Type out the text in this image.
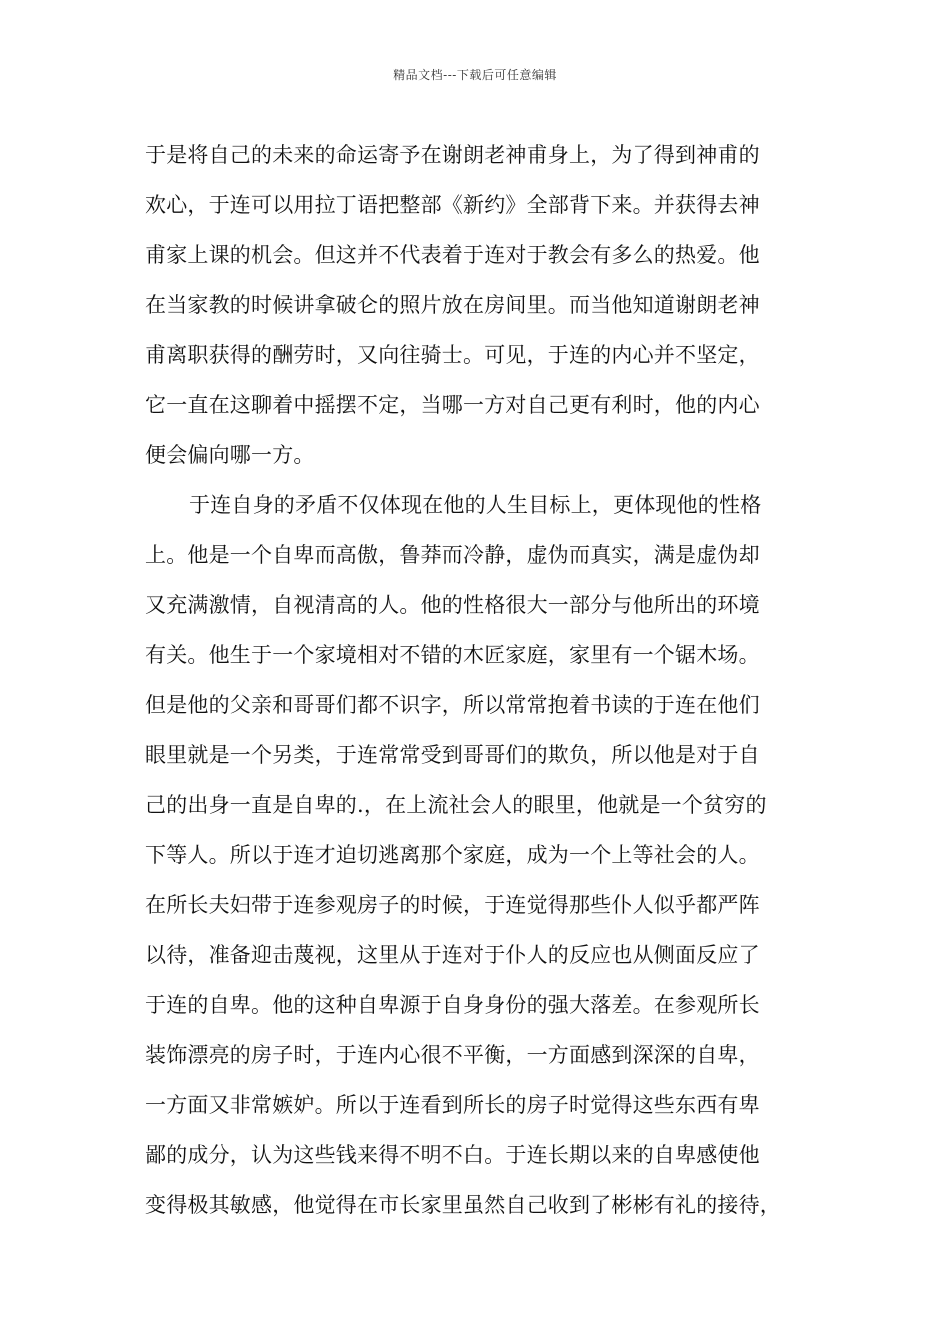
精品文档---下载后可任意编辑
于是将自己的未来的命运寄予在谢朗老神甫身上，为了得到神甫的
欢心，于连可以用拉丁语把整部《新约》全部背下来。并获得去神
甫家上课的机会。但这并不代表着于连对于教会有多么的热爱。他
在当家教的时候讲拿破仑的照片放在房间里。而当他知道谢朗老神
甫离职获得的酬劳时，又向往骑士。可见，于连的内心并不坚定，
它一直在这聊着中摇摆不定，当哪一方对自己更有利时，他的内心
便会偏向哪一方。
于连自身的矛盾不仅体现在他的人生目标上，更体现他的性格
上。他是一个自卑而高傲，鲁莽而冷静，虚伪而真实，满是虚伪却
又充满激情，自视清高的人。他的性格很大一部分与他所出的环境
有关。他生于一个家境相对不错的木匠家庭，家里有一个锯木场。
但是他的父亲和哥哥们都不识字，所以常常抱着书读的于连在他们
眼里就是一个另类，于连常常受到哥哥们的欺负，所以他是对于自
己的出身一直是自卑的.，在上流社会人的眼里，他就是一个贫穷的
下等人。所以于连才迫切逃离那个家庭，成为一个上等社会的人。
在所长夫妇带于连参观房子的时候，于连觉得那些仆人似乎都严阵
以待，准备迎击蔑视，这里从于连对于仆人的反应也从侧面反应了
于连的自卑。他的这种自卑源于自身身份的强大落差。在参观所长
装饰漂亮的房子时，于连内心很不平衡，一方面感到深深的自卑，
一方面又非常嫉妒。所以于连看到所长的房子时觉得这些东西有卑
鄙的成分，认为这些钱来得不明不白。于连长期以来的自卑感使他
变得极其敏感，他觉得在市长家里虽然自己收到了彬彬有礼的接待，
